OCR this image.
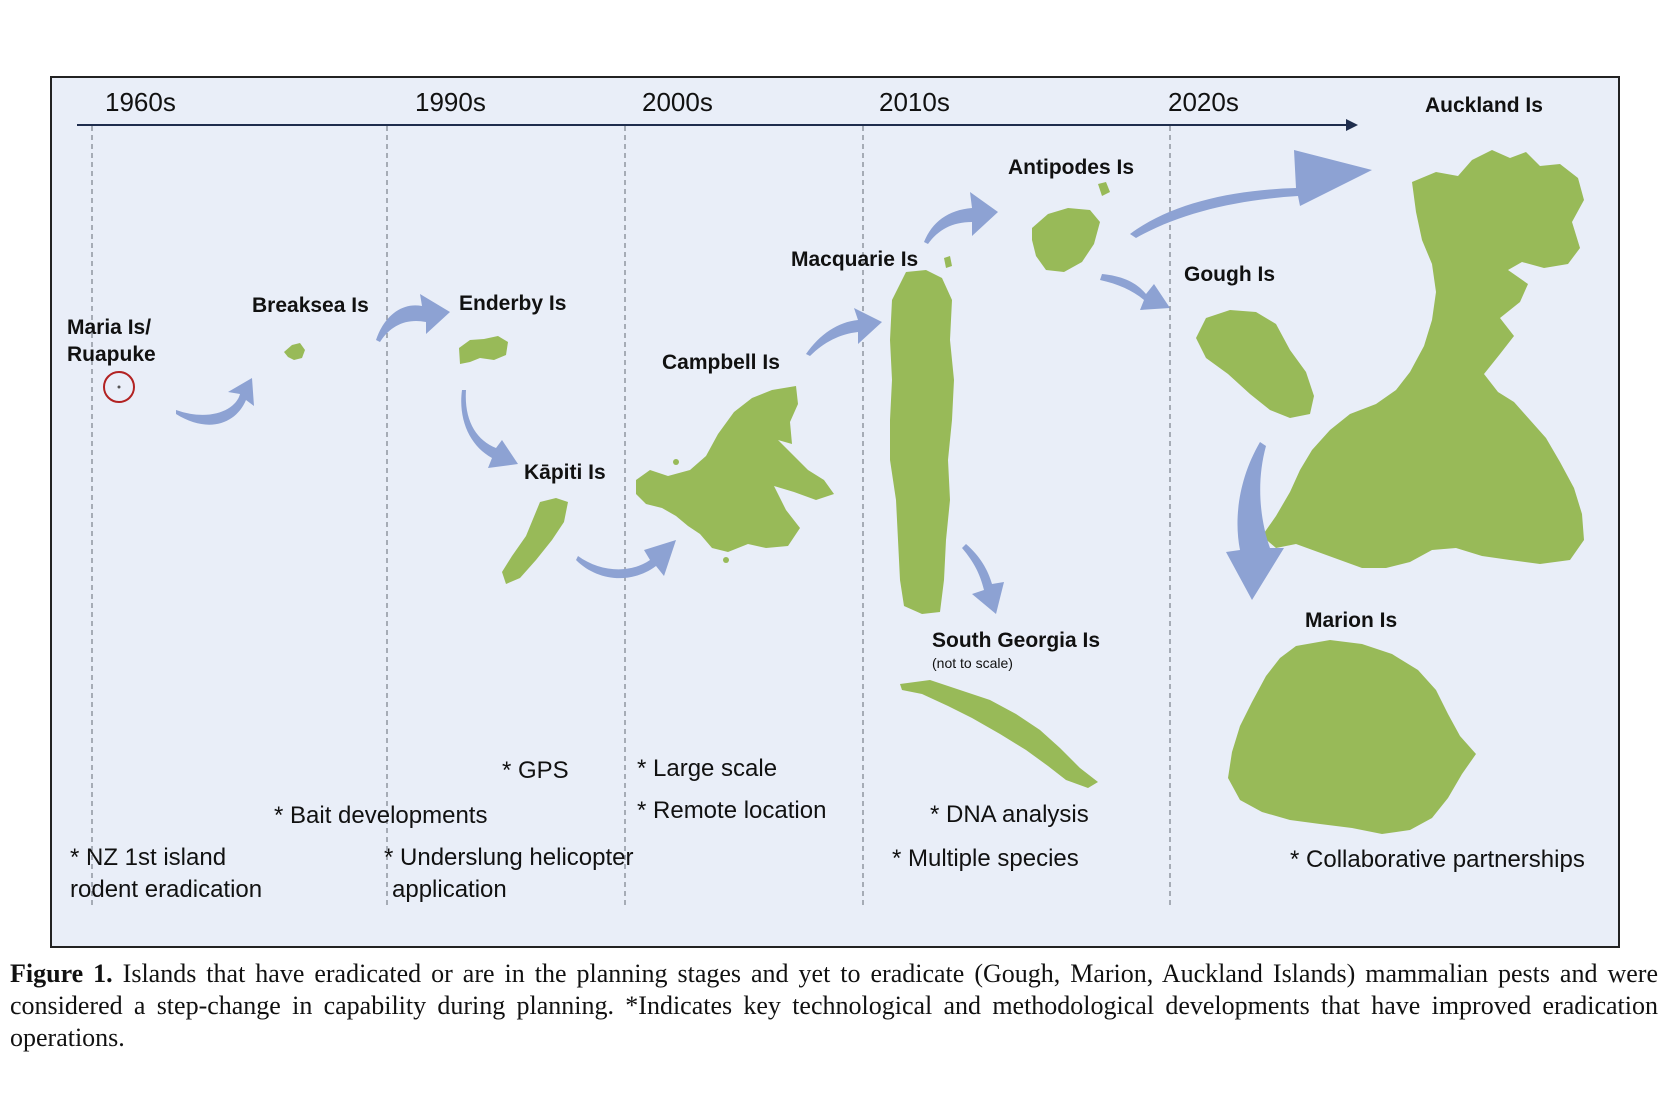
1960s	1990s	2000s	2010s	2020s
Maria Is/
Ruapuke
Breaksea Is	Enderby Is
Kāpiti Is
Campbell Is
Macquarie Is
Antipodes Is
South Georgia Is
(not to scale)
Gough Is
Auckland Is
Marion Is
* NZ 1st island
rodent eradication
* Bait developments
* Underslung helicopter
application
* GPS	* Large scale
* Remote location	* DNA analysis
* Multiple species	* Collaborative partnerships

Figure 1. Islands that have eradicated or are in the planning stages and yet to eradicate (Gough, Marion, Auckland Islands) mammalian pests and were considered a step-change in capability during planning. *Indicates key technological and methodological developments that have improved eradication operations.
